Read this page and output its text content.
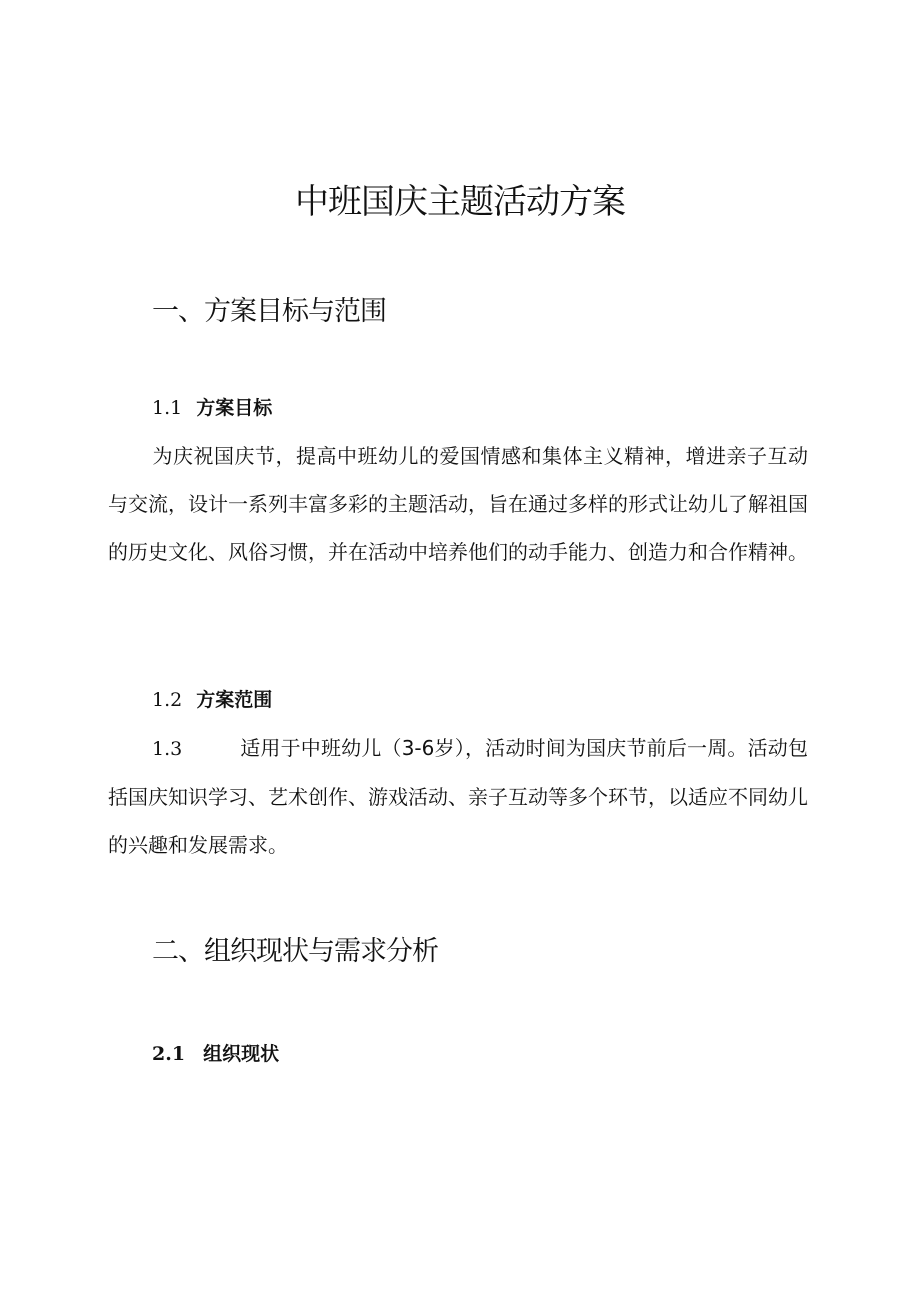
中班国庆主题活动方案
一、方案目标与范围
1.1 方案目标

为庆祝国庆节，提高中班幼儿的爱国情感和集体主义精神，增进亲子互动与交流，设计一系列丰富多彩的主题活动，旨在通过多样的形式让幼儿了解祖国的历史文化、风俗习惯，并在活动中培养他们的动手能力、创造力和合作精神。

1.2 方案范围

1.3	适用于中班幼儿（3-6岁），活动时间为国庆节前后一周。活动包括国庆知识学习、艺术创作、游戏活动、亲子互动等多个环节，以适应不同幼儿的兴趣和发展需求。

二、组织现状与需求分析
2.1 组织现状
